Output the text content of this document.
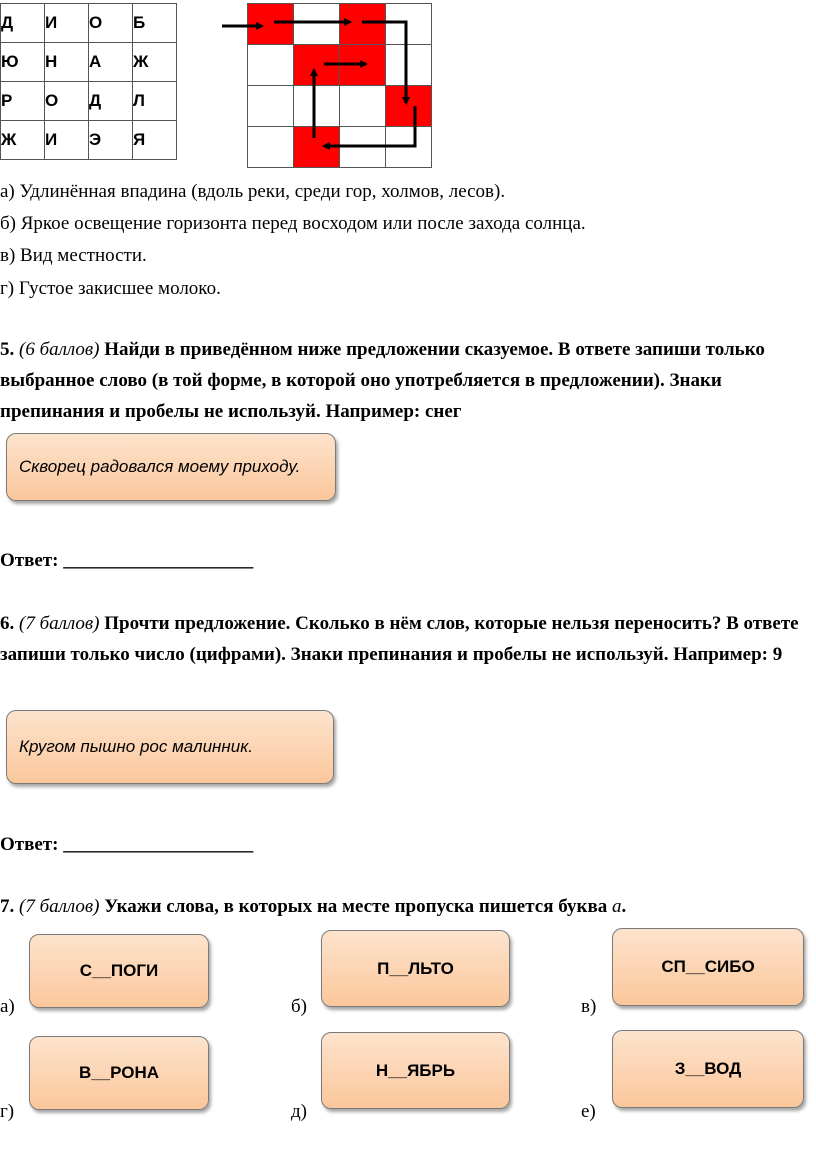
Д	И	О	Б
Ю	Н	А	Ж
Р	О	Д	Л
Ж	И	Э	Я

а) Удлинённая впадина (вдоль реки, среди гор, холмов, лесов).
б) Яркое освещение горизонта перед восходом или после захода солнца.
в) Вид местности.
г) Густое закисшее молоко.
5. (6 баллов) Найди в приведённом ниже предложении сказуемое. В ответе запиши только выбранное слово (в той форме, в которой оно употребляется в предложении). Знаки препинания и пробелы не используй. Например: снег
Скворец радовался моему приходу.
Ответ: ____________________
6. (7 баллов) Прочти предложение. Сколько в нём слов, которые нельзя переносить? В ответе запиши только число (цифрами). Знаки препинания и пробелы не используй. Например: 9
Кругом пышно рос малинник.
Ответ: ____________________
7. (7 баллов) Укажи слова, в которых на месте пропуска пишется буква а.
С__ПОГИ	П__ЛЬТО	СП__СИБО
а)	б)	в)
В__РОНА	Н__ЯБРЬ	З__ВОД
г)	д)	е)
